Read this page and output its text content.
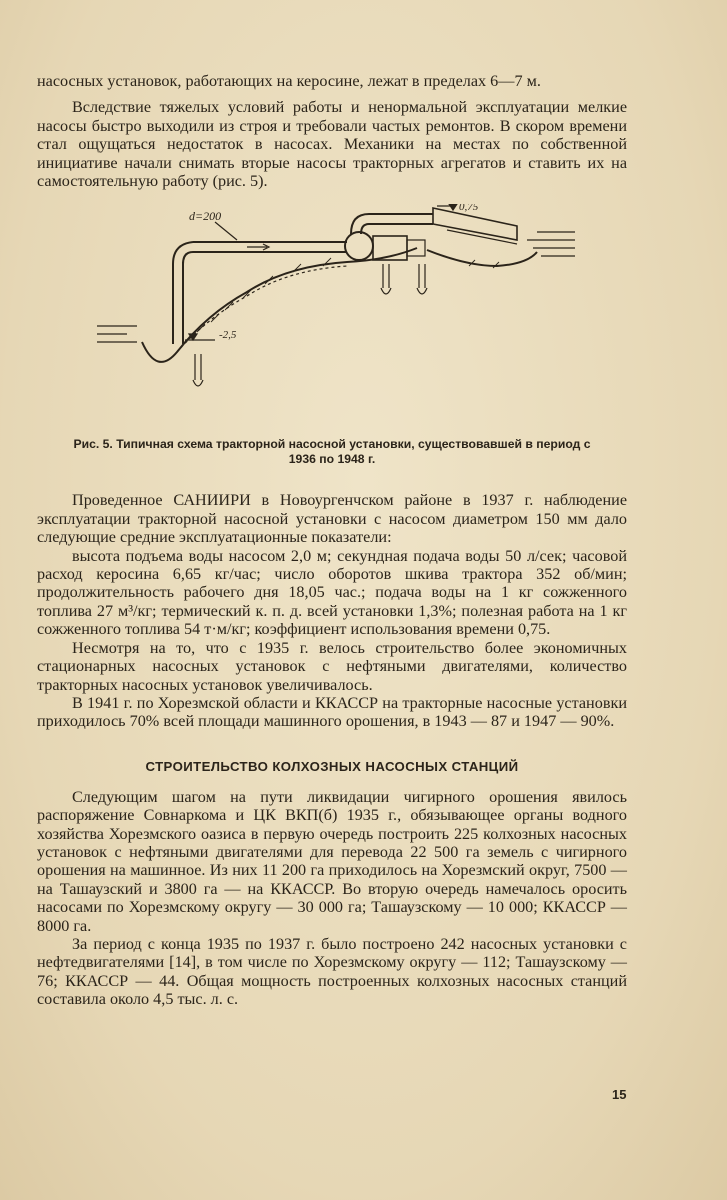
насосных установок, работающих на керосине, лежат в пределах 6—7 м.

Вследствие тяжелых условий работы и ненормальной эксплуатации мелкие насосы быстро выходили из строя и требовали частых ремонтов. В скором времени стал ощущаться недостаток в насосах. Механики на местах по собственной инициативе начали снимать вторые насосы тракторных агрегатов и ставить их на самостоятельную работу (рис. 5).

d=200
0,75
-2,5
Рис. 5. Типичная схема тракторной насосной установки, существовавшей в период с 1936 по 1948 г.

Проведенное САНИИРИ в Новоургенчском районе в 1937 г. наблюдение эксплуатации тракторной насосной установки с насосом диаметром 150 мм дало следующие средние эксплуатационные показатели:

высота подъема воды насосом 2,0 м; секундная подача воды 50 л/сек; часовой расход керосина 6,65 кг/час; число оборотов шкива трактора 352 об/мин; продолжительность рабочего дня 18,05 час.; подача воды на 1 кг сожженного топлива 27 м³/кг; термический к. п. д. всей установки 1,3%; полезная работа на 1 кг сожженного топлива 54 т·м/кг; коэффициент использования времени 0,75.

Несмотря на то, что с 1935 г. велось строительство более экономичных стационарных насосных установок с нефтяными двигателями, количество тракторных насосных установок увеличивалось.

В 1941 г. по Хорезмской области и ККАССР на тракторные насосные установки приходилось 70% всей площади машинного орошения, в 1943 — 87 и 1947 — 90%.

СТРОИТЕЛЬСТВО КОЛХОЗНЫХ НАСОСНЫХ СТАНЦИЙ

Следующим шагом на пути ликвидации чигирного орошения явилось распоряжение Совнаркома и ЦК ВКП(б) 1935 г., обязывающее органы водного хозяйства Хорезмского оазиса в первую очередь построить 225 колхозных насосных установок с нефтяными двигателями для перевода 22 500 га земель с чигирного орошения на машинное. Из них 11 200 га приходилось на Хорезмский округ, 7500 — на Ташаузский и 3800 га — на ККАССР. Во вторую очередь намечалось оросить насосами по Хорезмскому округу — 30 000 га; Ташаузскому — 10 000; ККАССР — 8000 га.

За период с конца 1935 по 1937 г. было построено 242 насосных установки с нефтедвигателями [14], в том числе по Хорезмскому округу — 112; Ташаузскому — 76; ККАССР — 44. Общая мощность построенных колхозных насосных станций составила около 4,5 тыс. л. с.

15
